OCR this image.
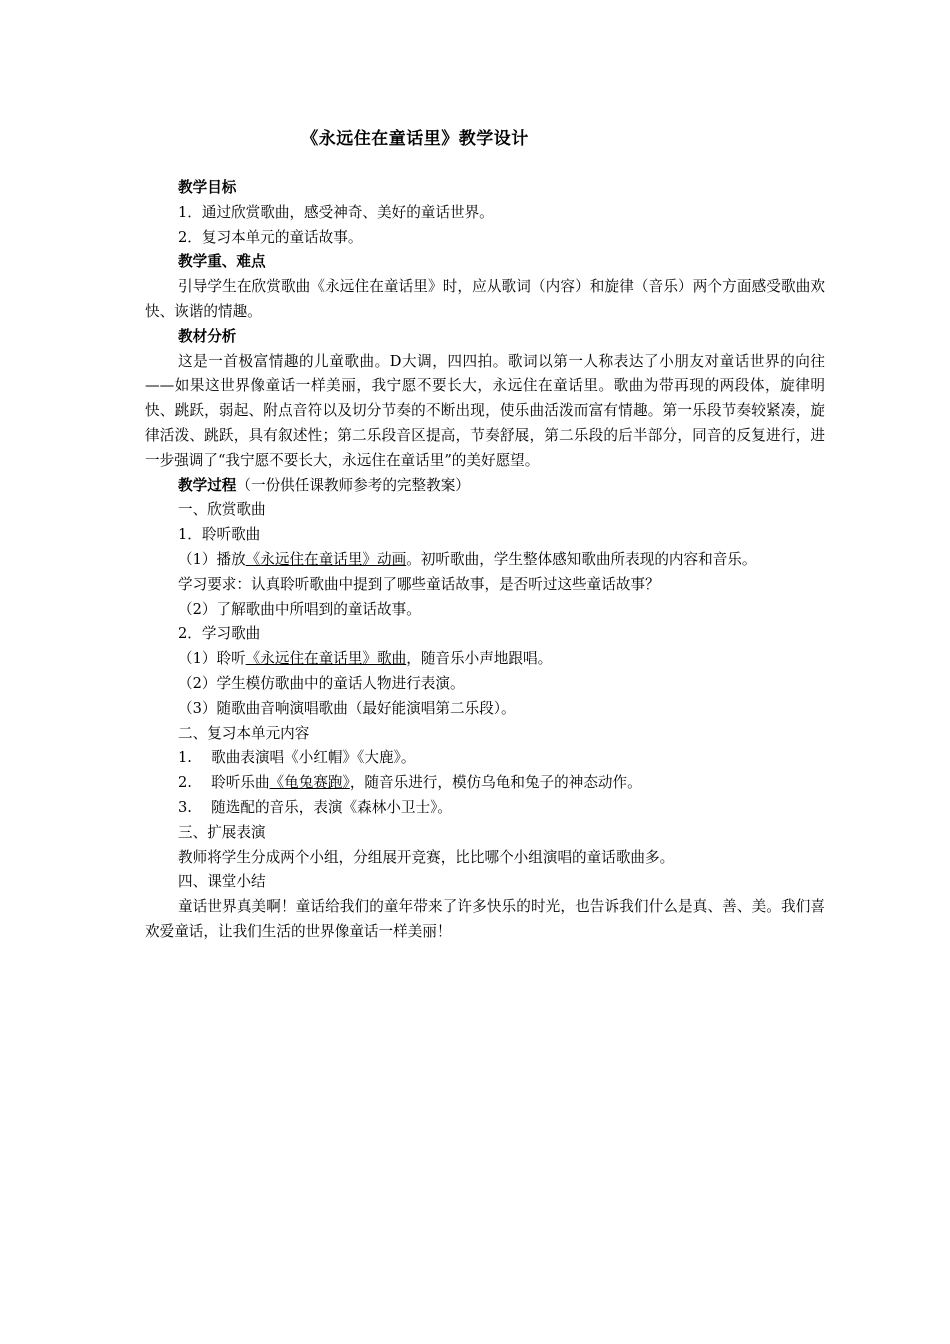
《永远住在童话里》教学设计
教学目标
1．通过欣赏歌曲，感受神奇、美好的童话世界。
2．复习本单元的童话故事。
教学重、难点
引导学生在欣赏歌曲《永远住在童话里》时，应从歌词（内容）和旋律（音乐）两个方面感受歌曲欢快、诙谐的情趣。
教材分析
这是一首极富情趣的儿童歌曲。D大调，四四拍。歌词以第一人称表达了小朋友对童话世界的向往——如果这世界像童话一样美丽，我宁愿不要长大，永远住在童话里。歌曲为带再现的两段体，旋律明快、跳跃，弱起、附点音符以及切分节奏的不断出现，使乐曲活泼而富有情趣。第一乐段节奏较紧凑，旋律活泼、跳跃，具有叙述性；第二乐段音区提高，节奏舒展，第二乐段的后半部分，同音的反复进行，进一步强调了“我宁愿不要长大，永远住在童话里”的美好愿望。
教学过程（一份供任课教师参考的完整教案）
一、欣赏歌曲
1．聆听歌曲
（1）播放《永远住在童话里》动画。初听歌曲，学生整体感知歌曲所表现的内容和音乐。
学习要求：认真聆听歌曲中提到了哪些童话故事，是否听过这些童话故事？
（2）了解歌曲中所唱到的童话故事。
2．学习歌曲
（1）聆听《永远住在童话里》歌曲，随音乐小声地跟唱。
（2）学生模仿歌曲中的童话人物进行表演。
（3）随歌曲音响演唱歌曲（最好能演唱第二乐段）。
二、复习本单元内容
1.　 歌曲表演唱《小红帽》《大鹿》。
2.　 聆听乐曲《龟兔赛跑》，随音乐进行，模仿乌龟和兔子的神态动作。
3.　 随选配的音乐，表演《森林小卫士》。
三、扩展表演
教师将学生分成两个小组，分组展开竞赛，比比哪个小组演唱的童话歌曲多。
四、课堂小结
童话世界真美啊！童话给我们的童年带来了许多快乐的时光，也告诉我们什么是真、善、美。我们喜欢爱童话，让我们生活的世界像童话一样美丽！
